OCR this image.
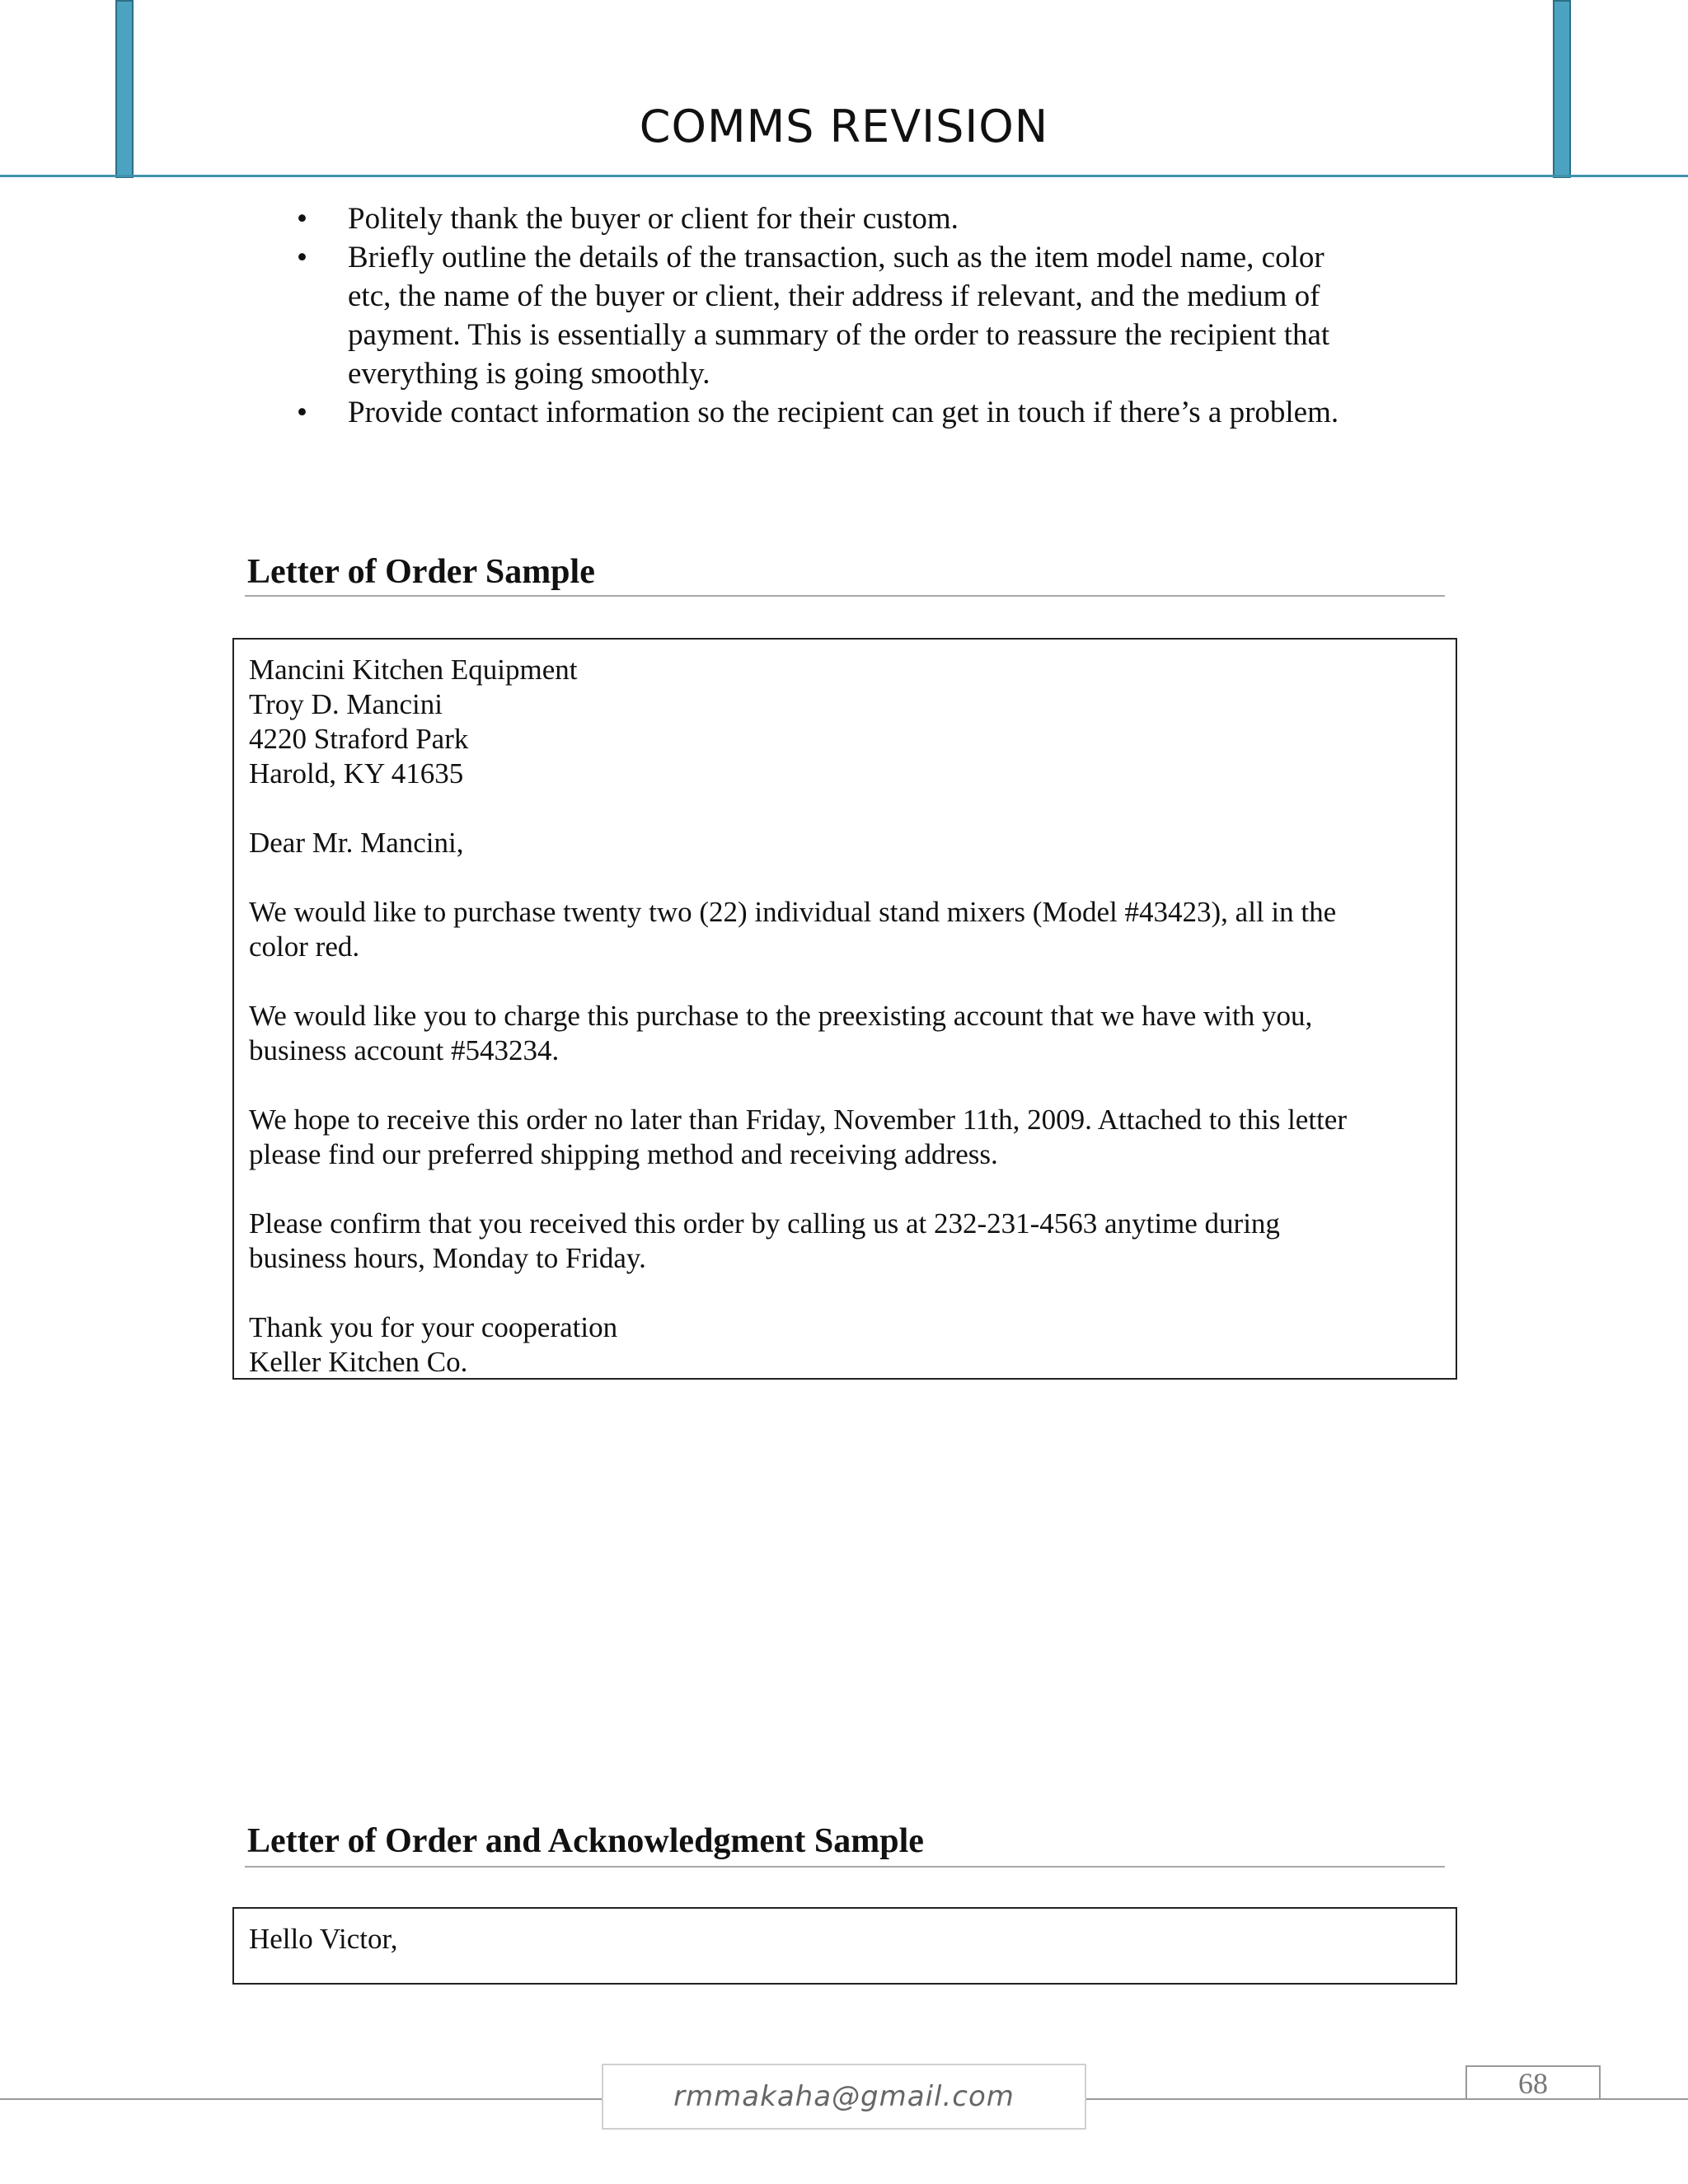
COMMS REVISION
• Politely thank the buyer or client for their custom.
• Briefly outline the details of the transaction, such as the item model name, color
etc, the name of the buyer or client, their address if relevant, and the medium of
payment. This is essentially a summary of the order to reassure the recipient that
everything is going smoothly.
• Provide contact information so the recipient can get in touch if there’s a problem.
Letter of Order Sample

Mancini Kitchen Equipment
Troy D. Mancini
4220 Straford Park
Harold, KY 41635

Dear Mr. Mancini,

We would like to purchase twenty two (22) individual stand mixers (Model #43423), all in the
color red.

We would like you to charge this purchase to the preexisting account that we have with you,
business account #543234.

We hope to receive this order no later than Friday, November 11th, 2009. Attached to this letter
please find our preferred shipping method and receiving address.

Please confirm that you received this order by calling us at 232-231-4563 anytime during
business hours, Monday to Friday.

Thank you for your cooperation
Keller Kitchen Co.

Letter of Order and Acknowledgment Sample

Hello Victor,

rmmakaha@gmail.com	68
